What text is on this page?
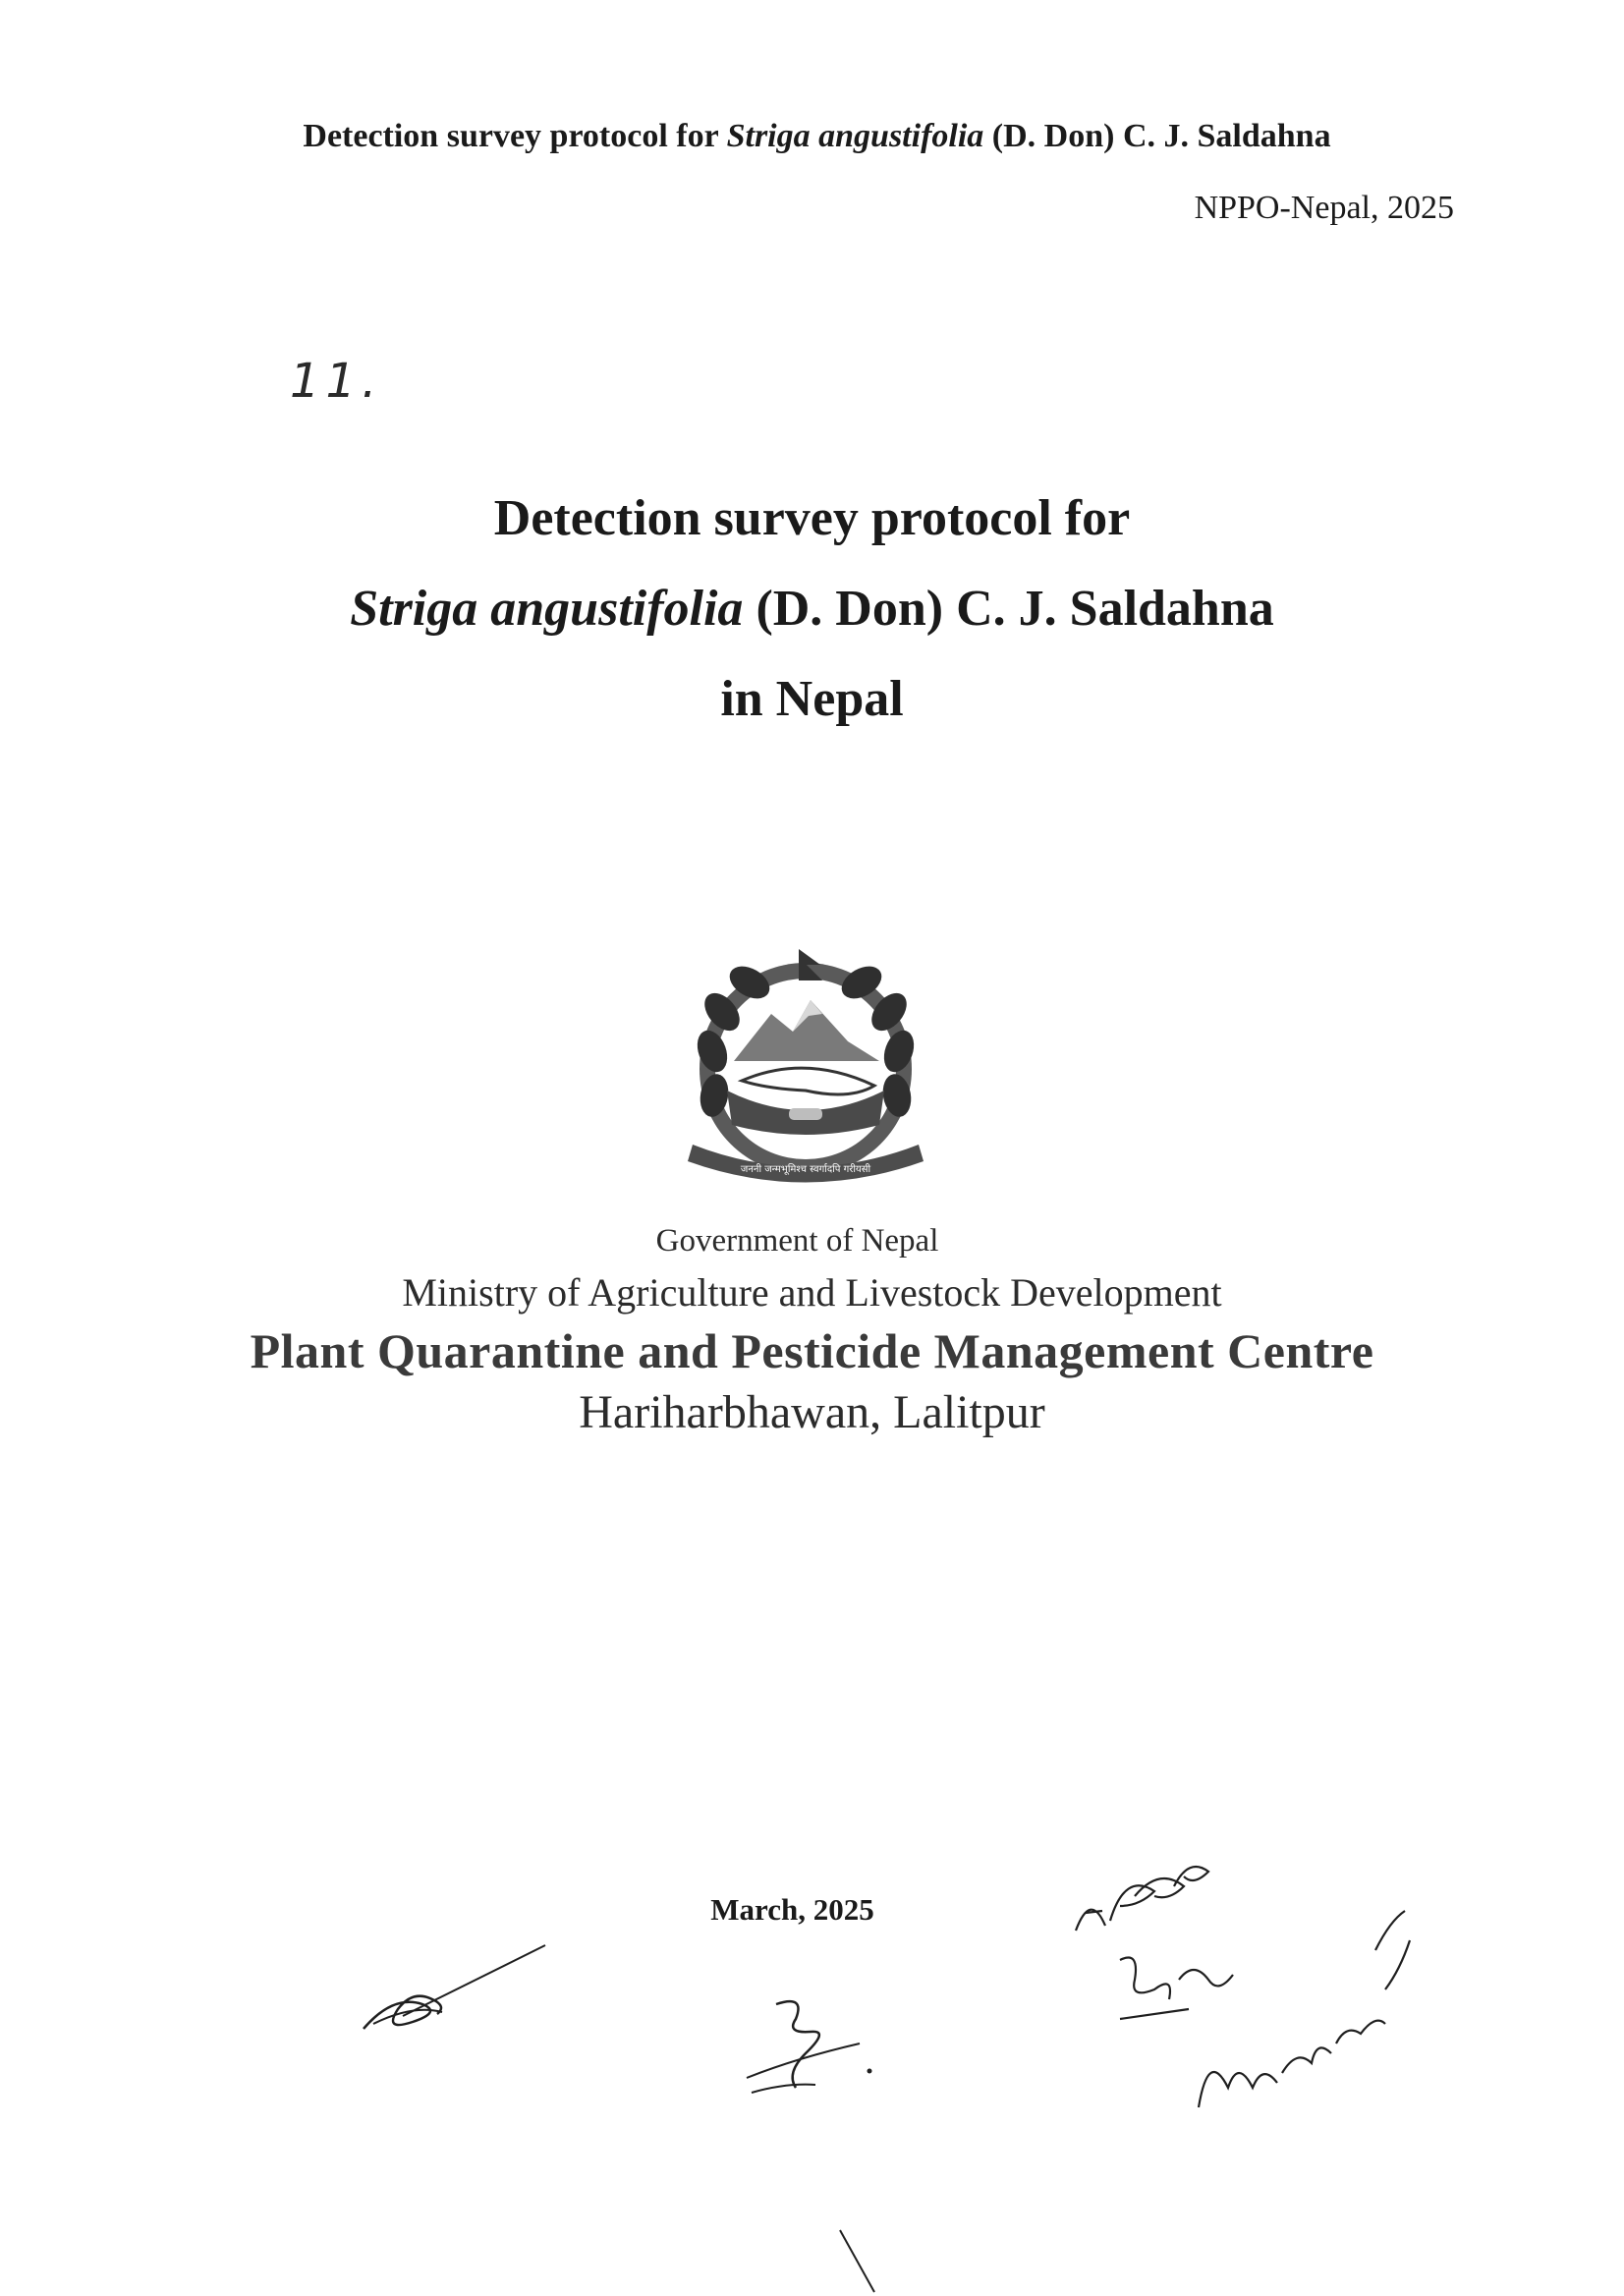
Detection survey protocol for Striga angustifolia (D. Don) C. J. Saldahna
NPPO-Nepal, 2025
11.
Detection survey protocol for
Striga angustifolia (D. Don) C. J. Saldahna
in Nepal
जननी जन्मभूमिश्च स्वर्गादपि गरीयसी
Government of Nepal
Ministry of Agriculture and Livestock Development
Plant Quarantine and Pesticide Management Centre
Hariharbhawan, Lalitpur
March, 2025
